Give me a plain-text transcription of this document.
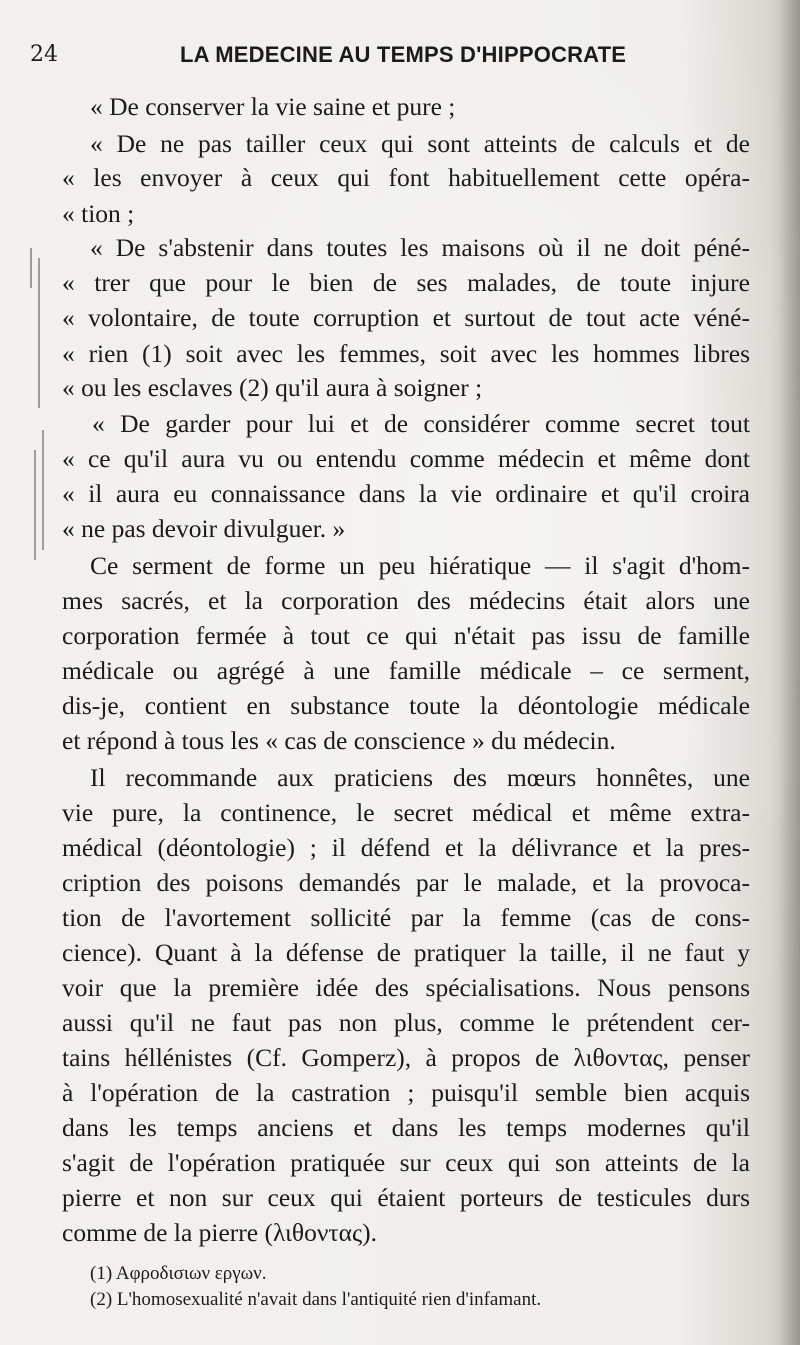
24	LA MEDECINE AU TEMPS D'HIPPOCRATE
« De conserver la vie saine et pure ;
« De ne pas tailler ceux qui sont atteints de calculs et de
« les envoyer à ceux qui font habituellement cette opéra-
« tion ;
« De s'abstenir dans toutes les maisons où il ne doit péné-
« trer que pour le bien de ses malades, de toute injure
« volontaire, de toute corruption et surtout de tout acte véné-
« rien (1) soit avec les femmes, soit avec les hommes libres
« ou les esclaves (2) qu'il aura à soigner ;
« De garder pour lui et de considérer comme secret tout
« ce qu'il aura vu ou entendu comme médecin et même dont
« il aura eu connaissance dans la vie ordinaire et qu'il croira
« ne pas devoir divulguer. »
Ce serment de forme un peu hiératique — il s'agit d'hom-
mes sacrés, et la corporation des médecins était alors une
corporation fermée à tout ce qui n'était pas issu de famille
médicale ou agrégé à une famille médicale – ce serment,
dis-je, contient en substance toute la déontologie médicale
et répond à tous les « cas de conscience » du médecin.
Il recommande aux praticiens des mœurs honnêtes, une
vie pure, la continence, le secret médical et même extra-
médical (déontologie) ; il défend et la délivrance et la pres-
cription des poisons demandés par le malade, et la provoca-
tion de l'avortement sollicité par la femme (cas de cons-
cience). Quant à la défense de pratiquer la taille, il ne faut y
voir que la première idée des spécialisations. Nous pensons
aussi qu'il ne faut pas non plus, comme le prétendent cer-
tains héllénistes (Cf. Gomperz), à propos de λιθοντας, penser
à l'opération de la castration ; puisqu'il semble bien acquis
dans les temps anciens et dans les temps modernes qu'il
s'agit de l'opération pratiquée sur ceux qui son atteints de la
pierre et non sur ceux qui étaient porteurs de testicules durs
comme de la pierre (λιθοντας).
(1) Αφροδισιων εργων.
(2) L'homosexualité n'avait dans l'antiquité rien d'infamant.
